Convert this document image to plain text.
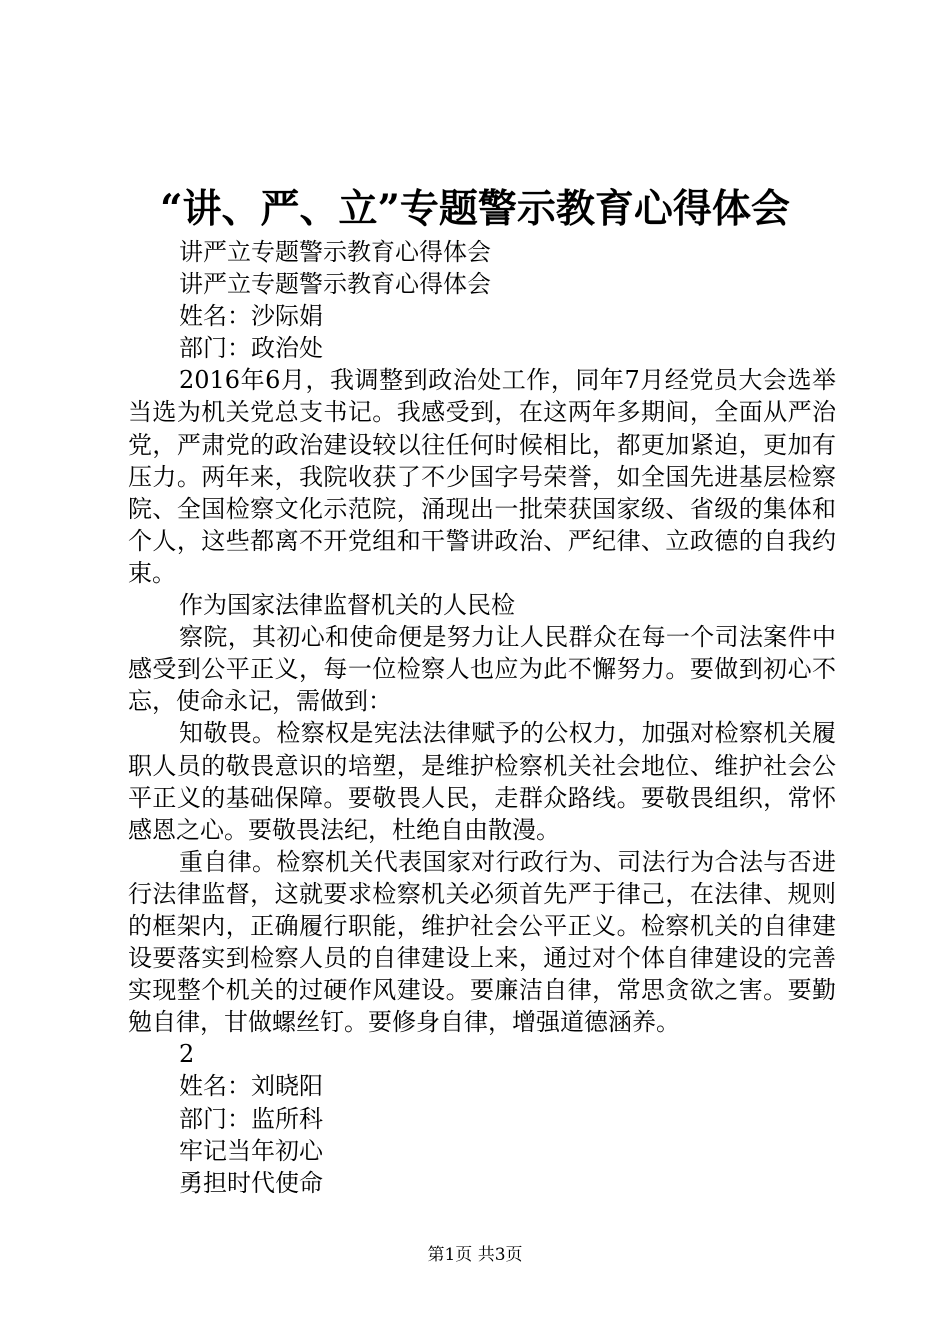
“讲、严、立”专题警示教育心得体会

讲严立专题警示教育心得体会

讲严立专题警示教育心得体会

姓名：沙际娟

部门：政治处

2016年6月，我调整到政治处工作，同年7月经党员大会选举当选为机关党总支书记。我感受到，在这两年多期间，全面从严治党，严肃党的政治建设较以往任何时候相比，都更加紧迫，更加有压力。两年来，我院收获了不少国字号荣誉，如全国先进基层检察院、全国检察文化示范院，涌现出一批荣获国家级、省级的集体和个人，这些都离不开党组和干警讲政治、严纪律、立政德的自我约束。

作为国家法律监督机关的人民检

察院，其初心和使命便是努力让人民群众在每一个司法案件中感受到公平正义，每一位检察人也应为此不懈努力。要做到初心不忘，使命永记，需做到：

知敬畏。检察权是宪法法律赋予的公权力，加强对检察机关履职人员的敬畏意识的培塑，是维护检察机关社会地位、维护社会公平正义的基础保障。要敬畏人民，走群众路线。要敬畏组织，常怀感恩之心。要敬畏法纪，杜绝自由散漫。

重自律。检察机关代表国家对行政行为、司法行为合法与否进行法律监督，这就要求检察机关必须首先严于律己，在法律、规则的框架内，正确履行职能，维护社会公平正义。检察机关的自律建设要落实到检察人员的自律建设上来，通过对个体自律建设的完善实现整个机关的过硬作风建设。要廉洁自律，常思贪欲之害。要勤勉自律，甘做螺丝钉。要修身自律，增强道德涵养。

2

姓名：刘晓阳

部门：监所科

牢记当年初心

勇担时代使命

第1页 共3页
